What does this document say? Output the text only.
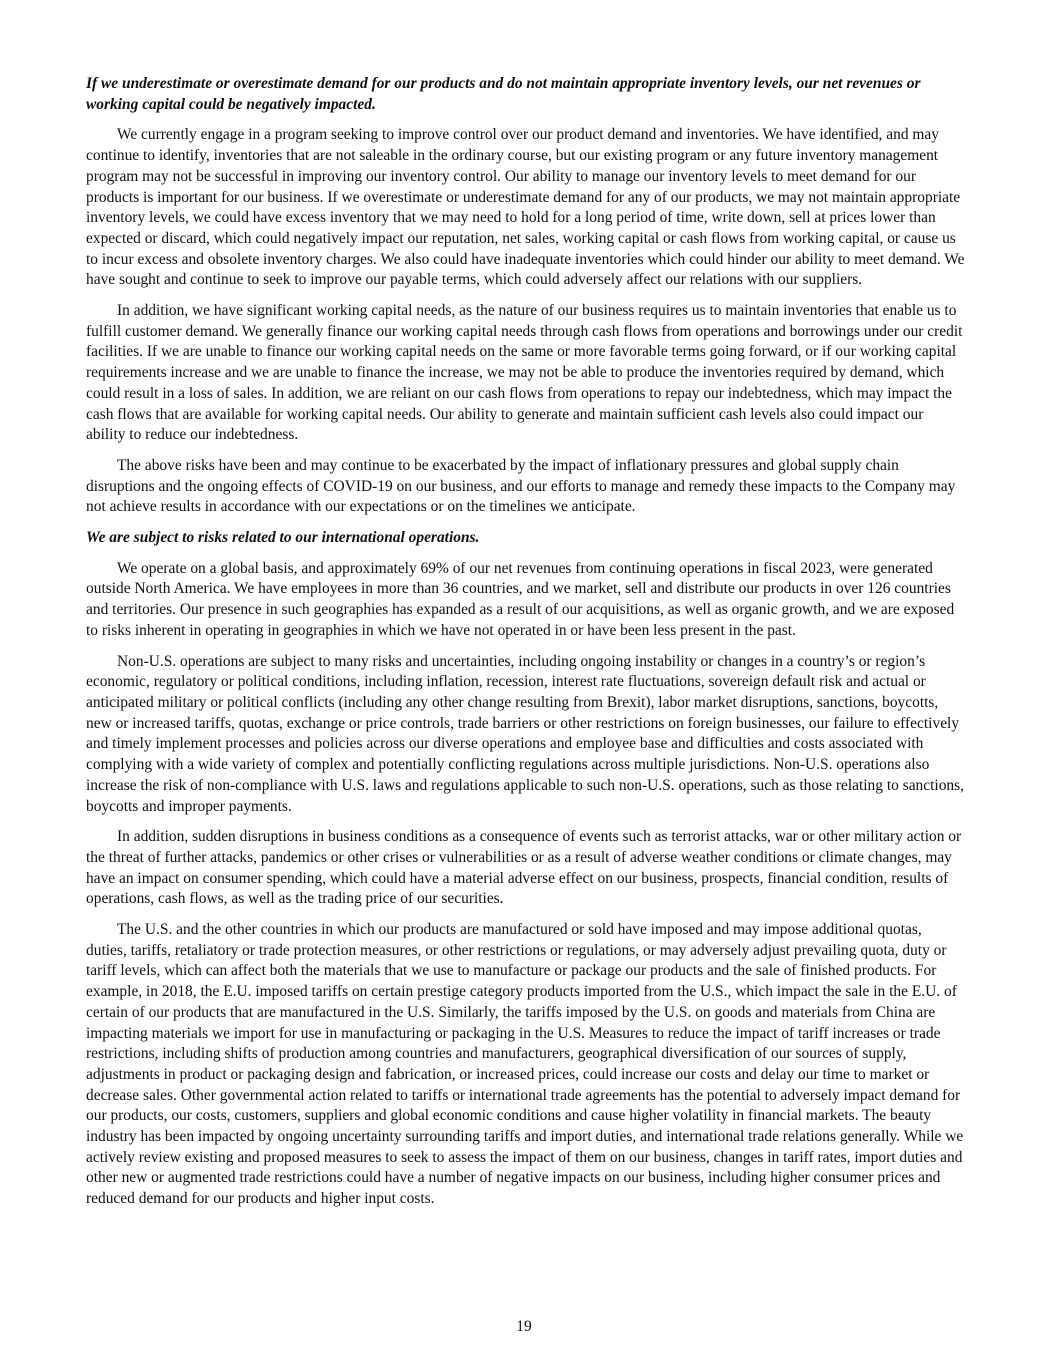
If we underestimate or overestimate demand for our products and do not maintain appropriate inventory levels, our net revenues or working capital could be negatively impacted.

We currently engage in a program seeking to improve control over our product demand and inventories. We have identified, and may continue to identify, inventories that are not saleable in the ordinary course, but our existing program or any future inventory management program may not be successful in improving our inventory control. Our ability to manage our inventory levels to meet demand for our products is important for our business. If we overestimate or underestimate demand for any of our products, we may not maintain appropriate inventory levels, we could have excess inventory that we may need to hold for a long period of time, write down, sell at prices lower than expected or discard, which could negatively impact our reputation, net sales, working capital or cash flows from working capital, or cause us to incur excess and obsolete inventory charges. We also could have inadequate inventories which could hinder our ability to meet demand. We have sought and continue to seek to improve our payable terms, which could adversely affect our relations with our suppliers.

In addition, we have significant working capital needs, as the nature of our business requires us to maintain inventories that enable us to fulfill customer demand. We generally finance our working capital needs through cash flows from operations and borrowings under our credit facilities. If we are unable to finance our working capital needs on the same or more favorable terms going forward, or if our working capital requirements increase and we are unable to finance the increase, we may not be able to produce the inventories required by demand, which could result in a loss of sales. In addition, we are reliant on our cash flows from operations to repay our indebtedness, which may impact the cash flows that are available for working capital needs. Our ability to generate and maintain sufficient cash levels also could impact our ability to reduce our indebtedness.

The above risks have been and may continue to be exacerbated by the impact of inflationary pressures and global supply chain disruptions and the ongoing effects of COVID-19 on our business, and our efforts to manage and remedy these impacts to the Company may not achieve results in accordance with our expectations or on the timelines we anticipate.

We are subject to risks related to our international operations.

We operate on a global basis, and approximately 69% of our net revenues from continuing operations in fiscal 2023, were generated outside North America. We have employees in more than 36 countries, and we market, sell and distribute our products in over 126 countries and territories. Our presence in such geographies has expanded as a result of our acquisitions, as well as organic growth, and we are exposed to risks inherent in operating in geographies in which we have not operated in or have been less present in the past.

Non-U.S. operations are subject to many risks and uncertainties, including ongoing instability or changes in a country’s or region’s economic, regulatory or political conditions, including inflation, recession, interest rate fluctuations, sovereign default risk and actual or anticipated military or political conflicts (including any other change resulting from Brexit), labor market disruptions, sanctions, boycotts, new or increased tariffs, quotas, exchange or price controls, trade barriers or other restrictions on foreign businesses, our failure to effectively and timely implement processes and policies across our diverse operations and employee base and difficulties and costs associated with complying with a wide variety of complex and potentially conflicting regulations across multiple jurisdictions. Non-U.S. operations also increase the risk of non-compliance with U.S. laws and regulations applicable to such non-U.S. operations, such as those relating to sanctions, boycotts and improper payments.

In addition, sudden disruptions in business conditions as a consequence of events such as terrorist attacks, war or other military action or the threat of further attacks, pandemics or other crises or vulnerabilities or as a result of adverse weather conditions or climate changes, may have an impact on consumer spending, which could have a material adverse effect on our business, prospects, financial condition, results of operations, cash flows, as well as the trading price of our securities.

The U.S. and the other countries in which our products are manufactured or sold have imposed and may impose additional quotas, duties, tariffs, retaliatory or trade protection measures, or other restrictions or regulations, or may adversely adjust prevailing quota, duty or tariff levels, which can affect both the materials that we use to manufacture or package our products and the sale of finished products. For example, in 2018, the E.U. imposed tariffs on certain prestige category products imported from the U.S., which impact the sale in the E.U. of certain of our products that are manufactured in the U.S. Similarly, the tariffs imposed by the U.S. on goods and materials from China are impacting materials we import for use in manufacturing or packaging in the U.S. Measures to reduce the impact of tariff increases or trade restrictions, including shifts of production among countries and manufacturers, geographical diversification of our sources of supply, adjustments in product or packaging design and fabrication, or increased prices, could increase our costs and delay our time to market or decrease sales. Other governmental action related to tariffs or international trade agreements has the potential to adversely impact demand for our products, our costs, customers, suppliers and global economic conditions and cause higher volatility in financial markets. The beauty industry has been impacted by ongoing uncertainty surrounding tariffs and import duties, and international trade relations generally. While we actively review existing and proposed measures to seek to assess the impact of them on our business, changes in tariff rates, import duties and other new or augmented trade restrictions could have a number of negative impacts on our business, including higher consumer prices and reduced demand for our products and higher input costs.

19
